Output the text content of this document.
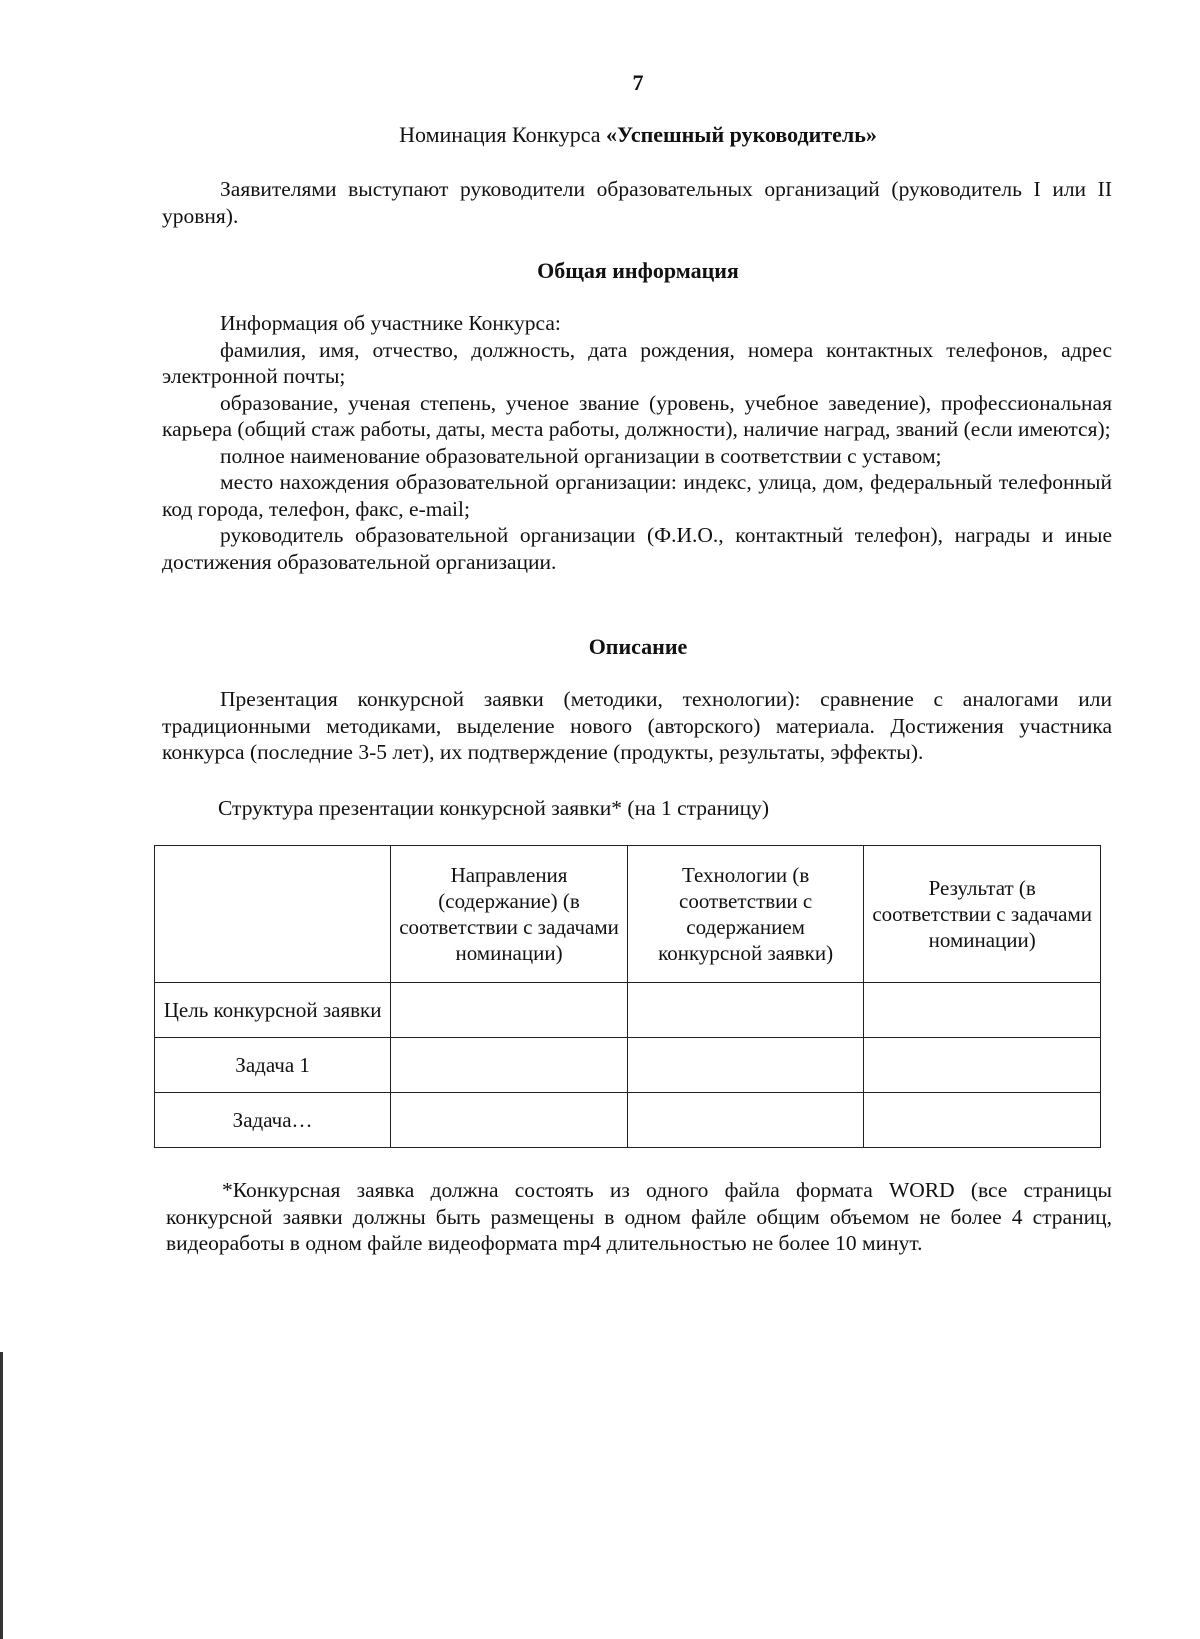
7
Номинация Конкурса «Успешный руководитель»

Заявителями выступают руководители образовательных организаций (руководитель I или II уровня).

Общая информация

Информация об участнике Конкурса:

фамилия, имя, отчество, должность, дата рождения, номера контактных телефонов, адрес электронной почты;

образование, ученая степень, ученое звание (уровень, учебное заведение), профессиональная карьера (общий стаж работы, даты, места работы, должности), наличие наград, званий (если имеются);

полное наименование образовательной организации в соответствии с уставом;

место нахождения образовательной организации: индекс, улица, дом, федеральный телефонный код города, телефон, факс, e-mail;

руководитель образовательной организации (Ф.И.О., контактный телефон), награды и иные достижения образовательной организации.

Описание

Презентация конкурсной заявки (методики, технологии): сравнение с аналогами или традиционными методиками, выделение нового (авторского) материала. Достижения участника конкурса (последние 3-5 лет), их подтверждение (продукты, результаты, эффекты).

Структура презентации конкурсной заявки* (на 1 страницу)
	Направления (содержание) (в соответствии с задачами номинации)	Технологии (в соответствии с содержанием конкурсной заявки)	Результат (в соответствии с задачами номинации)
Цель конкурсной заявки			
Задача 1			
Задача…			

*Конкурсная заявка должна состоять из одного файла формата WORD (все страницы конкурсной заявки должны быть размещены в одном файле общим объемом не более 4 страниц, видеоработы в одном файле видеоформата mp4 длительностью не более 10 минут.
